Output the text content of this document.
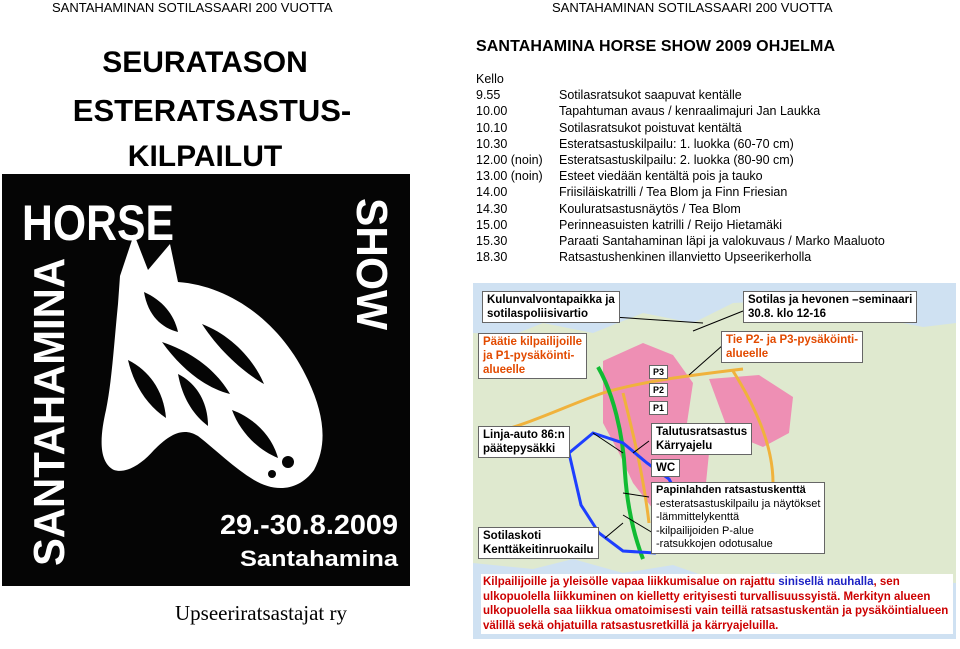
SANTAHAMINAN SOTILASSAARI 200 VUOTTA	SANTAHAMINAN SOTILASSAARI 200 VUOTTA
SEURATASON
ESTERATSASTUS-
KILPAILUT
HORSE	SHOW
SANTAHAMINA	29.-30.8.2009
Santahamina
Upseeriratsastajat ry
SANTAHAMINA HORSE SHOW 2009 OHJELMA
Kello
9.55	Sotilasratsukot saapuvat kentälle
10.00	Tapahtuman avaus / kenraalimajuri Jan Laukka
10.10	Sotilasratsukot poistuvat kentältä
10.30	Esteratsastuskilpailu: 1. luokka (60-70 cm)
12.00 (noin) Esteratsastuskilpailu: 2. luokka (80-90 cm)
13.00 (noin) Esteet viedään kentältä pois ja tauko
14.00	Friisiläiskatrilli / Tea Blom ja Finn Friesian
14.30	Kouluratsastusnäytös / Tea Blom
15.00	Perinneasuisten katrilli / Reijo Hietamäki
15.30	Paraati Santahaminan läpi ja valokuvaus / Marko Maaluoto
18.30	Ratsastushenkinen illanvietto Upseerikerholla
Kulunvalvontapaikka ja
sotilaspoliisivartio
Sotilas ja hevonen –seminaari
30.8. klo 12-16
Päätie kilpailijoille
ja P1-pysäköinti-
alueelle
Tie P2- ja P3-pysäköinti-
alueelle
P3
P2
P1
Linja-auto 86:n
päätepysäkki
Talutusratsastus
Kärryajelu
WC
Papinlahden ratsastuskenttä
-esteratsastuskilpailu ja näytökset
-lämmittelykenttä
-kilpailijoiden P-alue
-ratsukkojen odotusalue
Sotilaskoti
Kenttäkeitinruokailu
Kilpailijoille ja yleisölle vapaa liikkumisalue on rajattu sinisellä nauhalla, sen ulkopuolella liikkuminen on kielletty erityisesti turvallisuussyistä. Merkityn alueen ulkopuolella saa liikkua omatoimisesti vain teillä ratsastuskentän ja pysäköintialueen välillä sekä ohjatuilla ratsastusretkillä ja kärryajeluilla.
